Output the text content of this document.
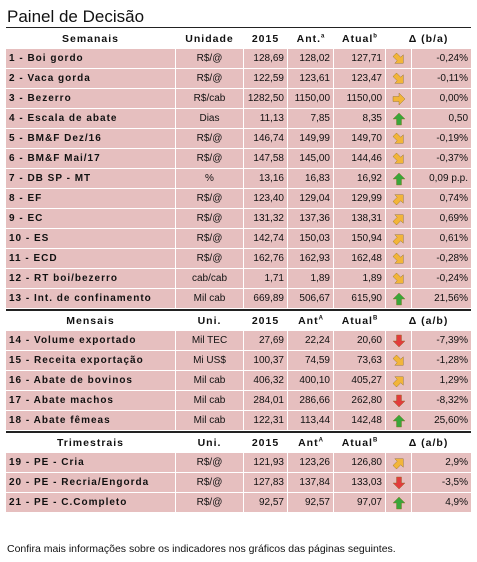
Painel de Decisão
Semanais	Unidade	2015	Ant.$^a$	Atual$^b$	Δ (b/a)	
1 - Boi gordo	R$/@	128,69	128,02	127,71		-0,24%
2 - Vaca gorda	R$/@	122,59	123,61	123,47		-0,11%
3 - Bezerro	R$/cab	1282,50	1150,00	1150,00		0,00%
4 - Escala de abate	Dias	11,13	7,85	8,35		0,50
5 - BM&F Dez/16	R$/@	146,74	149,99	149,70		-0,19%
6 - BM&F Mai/17	R$/@	147,58	145,00	144,46		-0,37%
7 - DB SP - MT	%	13,16	16,83	16,92		0,09 p.p.
8 - EF	R$/@	123,40	129,04	129,99		0,74%
9 - EC	R$/@	131,32	137,36	138,31		0,69%
10 - ES	R$/@	142,74	150,03	150,94		0,61%
11 - ECD	R$/@	162,76	162,93	162,48		-0,28%
12 - RT boi/bezerro	cab/cab	1,71	1,89	1,89		-0,24%
13 - Int. de confinamento	Mil cab	669,89	506,67	615,90		21,56%

Mensais	Uni.	2015	Ant$^A$	Atual$^B$	Δ (a/b)	
14 - Volume exportado	Mil TEC	27,69	22,24	20,60		-7,39%
15 - Receita exportação	Mi US$	100,37	74,59	73,63		-1,28%
16 - Abate de bovinos	Mil cab	406,32	400,10	405,27		1,29%
17 - Abate machos	Mil cab	284,01	286,66	262,80		-8,32%
18 - Abate fêmeas	Mil cab	122,31	113,44	142,48		25,60%

Trimestrais	Uni.	2015	Ant$^A$	Atual$^B$	Δ (a/b)	
19 - PE - Cria	R$/@	121,93	123,26	126,80		2,9%
20 - PE - Recria/Engorda	R$/@	127,83	137,84	133,03		-3,5%
21 - PE - C.Completo	R$/@	92,57	92,57	97,07		4,9%
Confira mais informações sobre os indicadores nos gráficos das páginas seguintes.
